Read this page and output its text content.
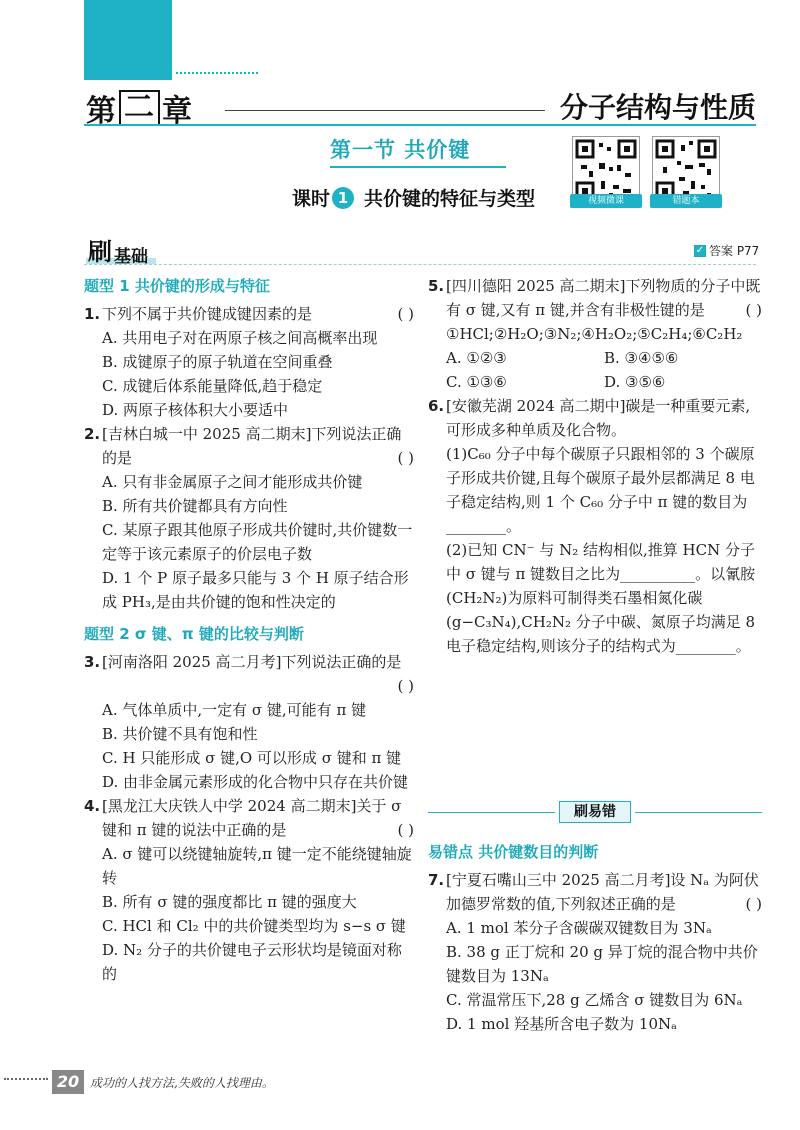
第 二 章	分子结构与性质
第一节 共价键
课时 1 共价键的特征与类型	视频微课	错题本
刷 基础	✓ 答案 P77
题型 1 共价键的形成与特征
1. 下列不属于共价键成键因素的是	( )
A. 共用电子对在两原子核之间高概率出现
B. 成键原子的原子轨道在空间重叠
C. 成键后体系能量降低,趋于稳定
D. 两原子核体积大小要适中
2. [吉林白城一中 2025 高二期末]下列说法正确的是	( )
A. 只有非金属原子之间才能形成共价键
B. 所有共价键都具有方向性
C. 某原子跟其他原子形成共价键时,共价键数一定等于该元素原子的价层电子数
D. 1 个 P 原子最多只能与 3 个 H 原子结合形成 PH₃,是由共价键的饱和性决定的
题型 2 σ 键、π 键的比较与判断
3. [河南洛阳 2025 高二月考]下列说法正确的是
( )
A. 气体单质中,一定有 σ 键,可能有 π 键
B. 共价键不具有饱和性
C. H 只能形成 σ 键,O 可以形成 σ 键和 π 键
D. 由非金属元素形成的化合物中只存在共价键
4. [黑龙江大庆铁人中学 2024 高二期末]关于 σ 键和 π 键的说法中正确的是	( )
A. σ 键可以绕键轴旋转,π 键一定不能绕键轴旋转
B. 所有 σ 键的强度都比 π 键的强度大
C. HCl 和 Cl₂ 中的共价键类型均为 s−s σ 键
D. N₂ 分子的共价键电子云形状均是镜面对称的
5. [四川德阳 2025 高二期末]下列物质的分子中既有 σ 键,又有 π 键,并含有非极性键的是	( )
①HCl;②H₂O;③N₂;④H₂O₂;⑤C₂H₄;⑥C₂H₂
A. ①②③	B. ③④⑤⑥
C. ①③⑥	D. ③⑤⑥
6. [安徽芜湖 2024 高二期中]碳是一种重要元素,可形成多种单质及化合物。
(1)C₆₀ 分子中每个碳原子只跟相邻的 3 个碳原子形成共价键,且每个碳原子最外层都满足 8 电子稳定结构,则 1 个 C₆₀ 分子中 π 键的数目为________。
(2)已知 CN⁻ 与 N₂ 结构相似,推算 HCN 分子中 σ 键与 π 键数目之比为__________。以氰胺(CH₂N₂)为原料可制得类石墨相氮化碳(g−C₃N₄),CH₂N₂ 分子中碳、氮原子均满足 8 电子稳定结构,则该分子的结构式为________。
刷易错
易错点 共价键数目的判断
7. [宁夏石嘴山三中 2025 高二月考]设 Nₐ 为阿伏加德罗常数的值,下列叙述正确的是	( )
A. 1 mol 苯分子含碳碳双键数目为 3Nₐ
B. 38 g 正丁烷和 20 g 异丁烷的混合物中共价键数目为 13Nₐ
C. 常温常压下,28 g 乙烯含 σ 键数目为 6Nₐ
D. 1 mol 羟基所含电子数为 10Nₐ
20 成功的人找方法,失败的人找理由。
